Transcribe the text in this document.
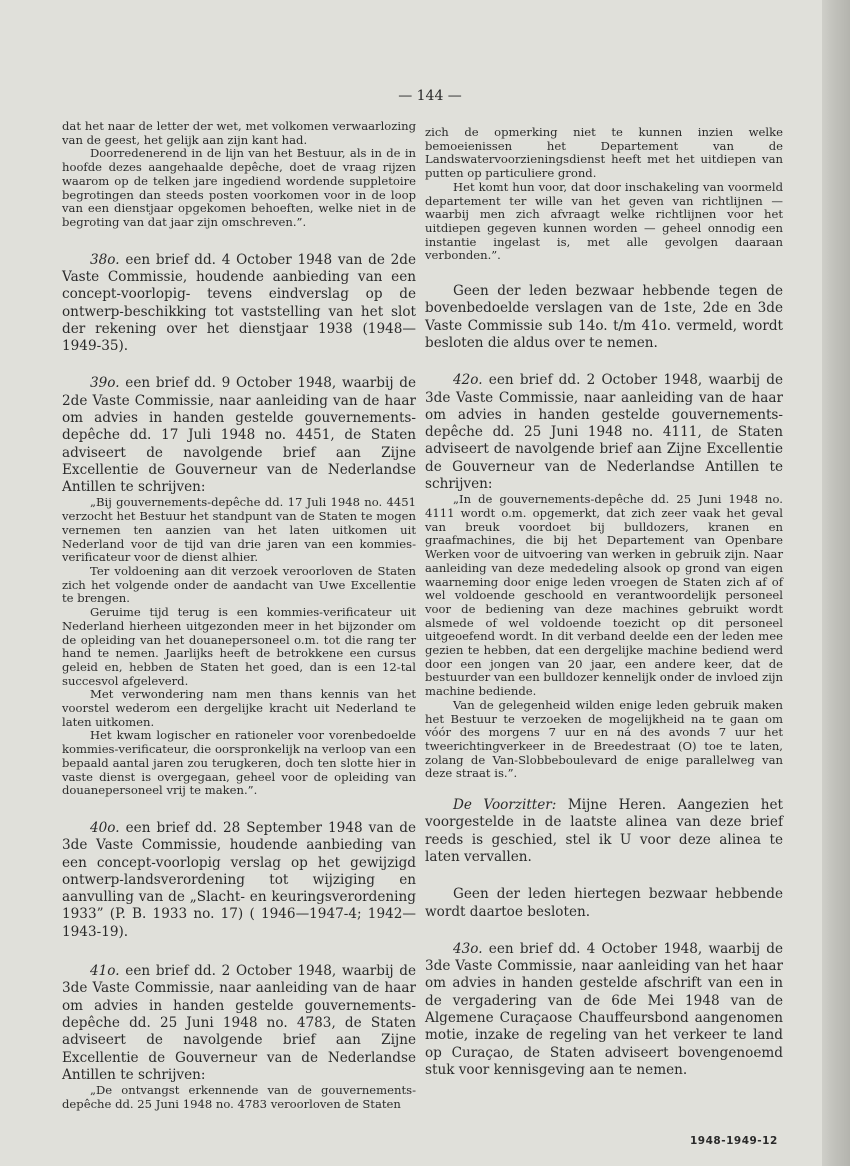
— 144 —

dat het naar de letter der wet, met volkomen verwaarlozing van de geest, het gelijk aan zijn kant had.

Doorredenerend in de lijn van het Bestuur, als in de in hoofde dezes aangehaalde depêche, doet de vraag rijzen waarom op de telken jare ingediend wordende suppletoire begrotingen dan steeds posten voorkomen voor in de loop van een dienstjaar opgekomen behoeften, welke niet in de begroting van dat jaar zijn omschreven.”.

38o. een brief dd. 4 October 1948 van de 2de Vaste Commissie, houdende aanbieding van een concept-voorlopig- tevens eindverslag op de ontwerp-beschikking tot vaststelling van het slot der rekening over het dienstjaar 1938 (1948—1949-35).

39o. een brief dd. 9 October 1948, waarbij de 2de Vaste Commissie, naar aanleiding van de haar om advies in handen gestelde gouvernements-depêche dd. 17 Juli 1948 no. 4451, de Staten adviseert de navolgende brief aan Zijne Excellentie de Gouverneur van de Nederlandse Antillen te schrijven:

„Bij gouvernements-depêche dd. 17 Juli 1948 no. 4451 verzocht het Bestuur het standpunt van de Staten te mogen vernemen ten aanzien van het laten uitkomen uit Nederland voor de tijd van drie jaren van een kommies-verificateur voor de dienst alhier.

Ter voldoening aan dit verzoek veroorloven de Staten zich het volgende onder de aandacht van Uwe Excellentie te brengen.

Geruime tijd terug is een kommies-verificateur uit Nederland hierheen uitgezonden meer in het bijzonder om de opleiding van het douanepersoneel o.m. tot die rang ter hand te nemen. Jaarlijks heeft de betrokkene een cursus geleid en, hebben de Staten het goed, dan is een 12-tal succesvol afgeleverd.

Met verwondering nam men thans kennis van het voorstel wederom een dergelijke kracht uit Nederland te laten uitkomen.

Het kwam logischer en rationeler voor vorenbedoelde kommies-verificateur, die oorspronkelijk na verloop van een bepaald aantal jaren zou terugkeren, doch ten slotte hier in vaste dienst is overgegaan, geheel voor de opleiding van douanepersoneel vrij te maken.”.

40o. een brief dd. 28 September 1948 van de 3de Vaste Commissie, houdende aanbieding van een concept-voorlopig verslag op het gewijzigd ontwerp-landsverordening tot wijziging en aanvulling van de „Slacht- en keuringsverordening 1933” (P. B. 1933 no. 17) ( 1946—1947-4; 1942—1943-19).

41o. een brief dd. 2 October 1948, waarbij de 3de Vaste Commissie, naar aanleiding van de haar om advies in handen gestelde gouvernements-depêche dd. 25 Juni 1948 no. 4783, de Staten adviseert de navolgende brief aan Zijne Excellentie de Gouverneur van de Nederlandse Antillen te schrijven:

„De ontvangst erkennende van de gouvernements-depêche dd. 25 Juni 1948 no. 4783 veroorloven de Staten

zich de opmerking niet te kunnen inzien welke bemoeienissen het Departement van de Landswatervoorzieningsdienst heeft met het uitdiepen van putten op particuliere grond.

Het komt hun voor, dat door inschakeling van voormeld departement ter wille van het geven van richtlijnen — waarbij men zich afvraagt welke richtlijnen voor het uitdiepen gegeven kunnen worden — geheel onnodig een instantie ingelast is, met alle gevolgen daaraan verbonden.”.

Geen der leden bezwaar hebbende tegen de bovenbedoelde verslagen van de 1ste, 2de en 3de Vaste Commissie sub 14o. t/m 41o. vermeld, wordt besloten die aldus over te nemen.

42o. een brief dd. 2 October 1948, waarbij de 3de Vaste Commissie, naar aanleiding van de haar om advies in handen gestelde gouvernements-depêche dd. 25 Juni 1948 no. 4111, de Staten adviseert de navolgende brief aan Zijne Excellentie de Gouverneur van de Nederlandse Antillen te schrijven:

„In de gouvernements-depêche dd. 25 Juni 1948 no. 4111 wordt o.m. opgemerkt, dat zich zeer vaak het geval van breuk voordoet bij bulldozers, kranen en graafmachines, die bij het Departement van Openbare Werken voor de uitvoering van werken in gebruik zijn. Naar aanleiding van deze mededeling alsook op grond van eigen waarneming door enige leden vroegen de Staten zich af of wel voldoende geschoold en verantwoordelijk personeel voor de bediening van deze machines gebruikt wordt alsmede of wel voldoende toezicht op dit personeel uitgeoefend wordt. In dit verband deelde een der leden mee gezien te hebben, dat een dergelijke machine bediend werd door een jongen van 20 jaar, een andere keer, dat de bestuurder van een bulldozer kennelijk onder de invloed zijn machine bediende.

Van de gelegenheid wilden enige leden gebruik maken het Bestuur te verzoeken de mogelijkheid na te gaan om vóór des morgens 7 uur en ná des avonds 7 uur het tweerichtingverkeer in de Breedestraat (O) toe te laten, zolang de Van-Slobbeboulevard de enige parallelweg van deze straat is.”.

De Voorzitter: Mijne Heren. Aangezien het voorgestelde in de laatste alinea van deze brief reeds is geschied, stel ik U voor deze alinea te laten vervallen.

Geen der leden hiertegen bezwaar hebbende wordt daartoe besloten.

43o. een brief dd. 4 October 1948, waarbij de 3de Vaste Commissie, naar aanleiding van het haar om advies in handen gestelde afschrift van een in de vergadering van de 6de Mei 1948 van de Algemene Curaçaose Chauffeursbond aangenomen motie, inzake de regeling van het verkeer te land op Curaçao, de Staten adviseert bovengenoemd stuk voor kennisgeving aan te nemen.

1948-1949-12
